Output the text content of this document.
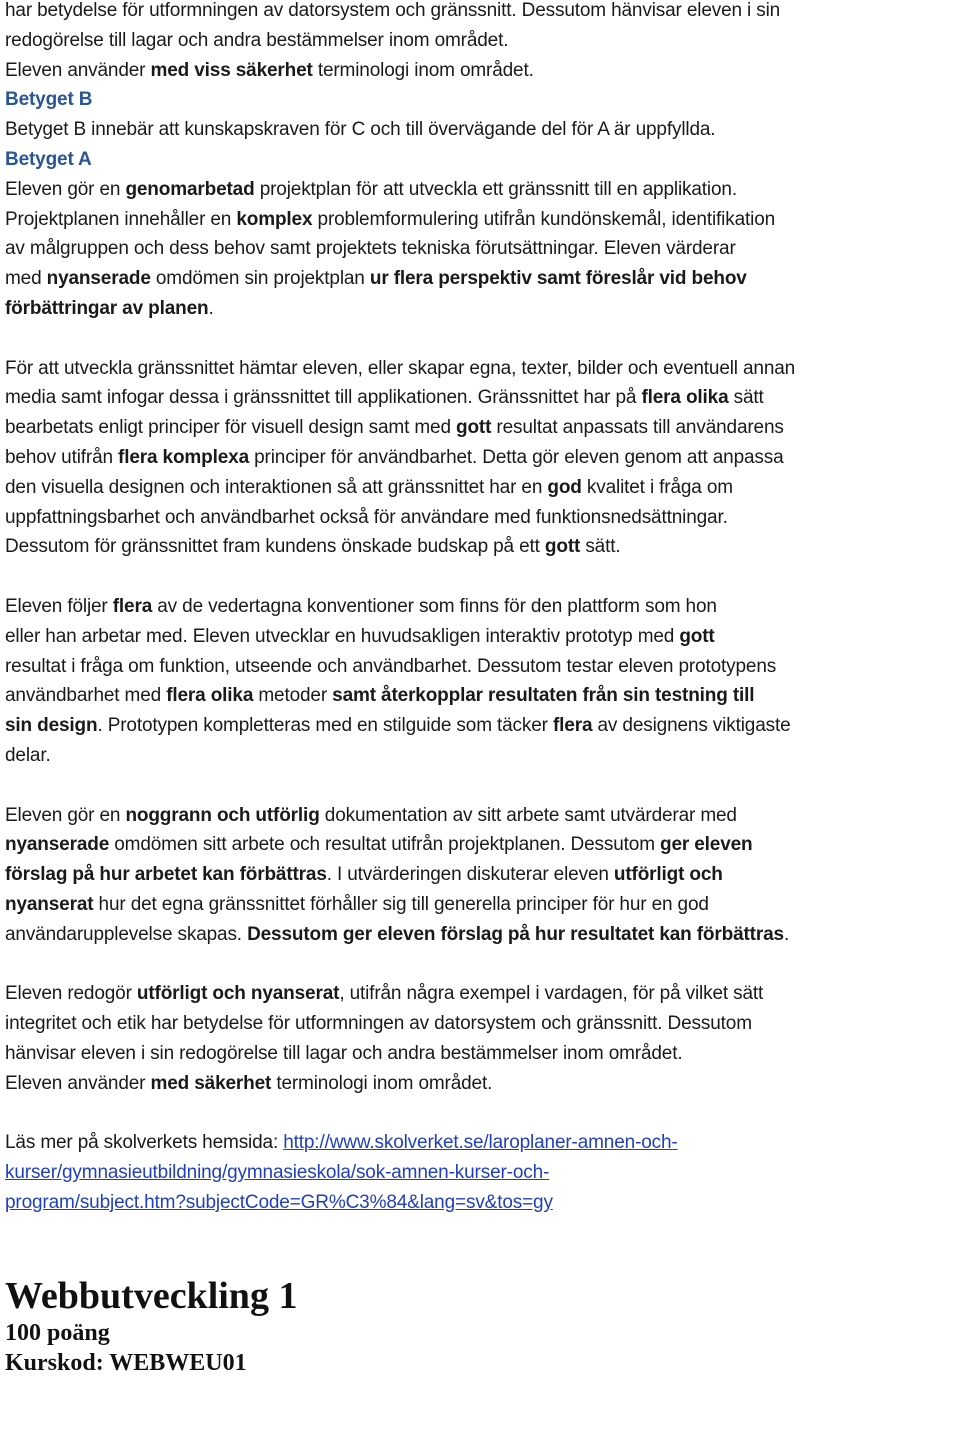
har betydelse för utformningen av datorsystem och gränssnitt. Dessutom hänvisar eleven i sin

redogörelse till lagar och andra bestämmelser inom området.

Eleven använder med viss säkerhet terminologi inom området.

Betyget B

Betyget B innebär att kunskapskraven för C och till övervägande del för A är uppfyllda.

Betyget A

Eleven gör en genomarbetad projektplan för att utveckla ett gränssnitt till en applikation.

Projektplanen innehåller en komplex problemformulering utifrån kundönskemål, identifikation

av målgruppen och dess behov samt projektets tekniska förutsättningar. Eleven värderar

med nyanserade omdömen sin projektplan ur flera perspektiv samt föreslår vid behov

förbättringar av planen.

För att utveckla gränssnittet hämtar eleven, eller skapar egna, texter, bilder och eventuell annan

media samt infogar dessa i gränssnittet till applikationen. Gränssnittet har på flera olika sätt

bearbetats enligt principer för visuell design samt med gott resultat anpassats till användarens

behov utifrån flera komplexa principer för användbarhet. Detta gör eleven genom att anpassa

den visuella designen och interaktionen så att gränssnittet har en god kvalitet i fråga om

uppfattningsbarhet och användbarhet också för användare med funktionsnedsättningar.

Dessutom för gränssnittet fram kundens önskade budskap på ett gott sätt.

Eleven följer flera av de vedertagna konventioner som finns för den plattform som hon

eller han arbetar med. Eleven utvecklar en huvudsakligen interaktiv prototyp med gott

resultat i fråga om funktion, utseende och användbarhet. Dessutom testar eleven prototypens

användbarhet med flera olika metoder samt återkopplar resultaten från sin testning till

sin design. Prototypen kompletteras med en stilguide som täcker flera av designens viktigaste

delar.

Eleven gör en noggrann och utförlig dokumentation av sitt arbete samt utvärderar med

nyanserade omdömen sitt arbete och resultat utifrån projektplanen. Dessutom ger eleven

förslag på hur arbetet kan förbättras. I utvärderingen diskuterar eleven utförligt och

nyanserat hur det egna gränssnittet förhåller sig till generella principer för hur en god

användarupplevelse skapas. Dessutom ger eleven förslag på hur resultatet kan förbättras.

Eleven redogör utförligt och nyanserat, utifrån några exempel i vardagen, för på vilket sätt

integritet och etik har betydelse för utformningen av datorsystem och gränssnitt. Dessutom

hänvisar eleven i sin redogörelse till lagar och andra bestämmelser inom området.

Eleven använder med säkerhet terminologi inom området.

Läs mer på skolverkets hemsida: http://www.skolverket.se/laroplaner-amnen-och-

kurser/gymnasieutbildning/gymnasieskola/sok-amnen-kurser-och-

program/subject.htm?subjectCode=GR%C3%84&lang=sv&tos=gy

Webbutveckling 1

100 poäng

Kurskod: WEBWEU01
